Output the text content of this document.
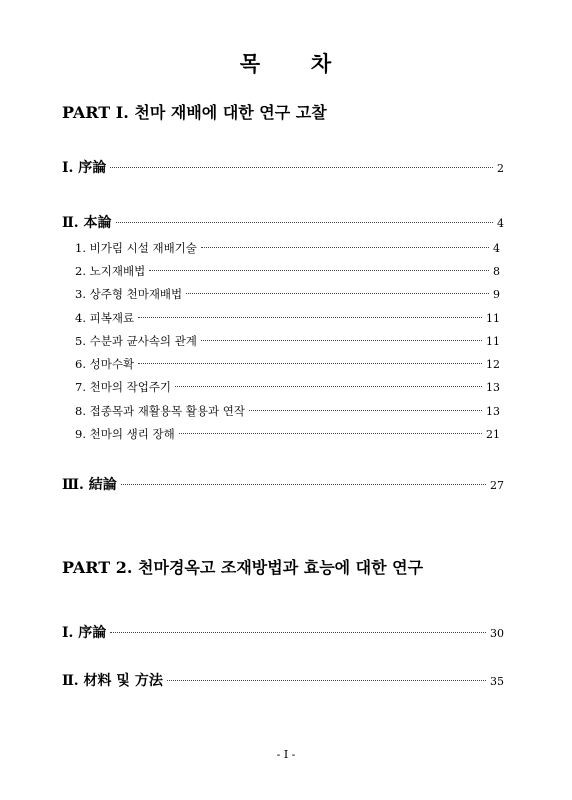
목      차
PART Ⅰ. 천마 재배에 대한 연구 고찰
Ⅰ. 序論	2
Ⅱ. 本論	4
1. 비가림 시설 재배기술	4
2. 노지재배법	8
3. 상주형 천마재배법	9
4. 피복재료	11
5. 수분과 균사속의 관계	11
6. 성마수확	12
7. 천마의 작업주기	13
8. 접종목과 재활용목 활용과 연작	13
9. 천마의 생리 장해	21
Ⅲ. 結論	27
PART 2. 천마경옥고 조재방법과 효능에 대한 연구
Ⅰ. 序論	30
Ⅱ. 材料 및 方法	35
- Ⅰ -
